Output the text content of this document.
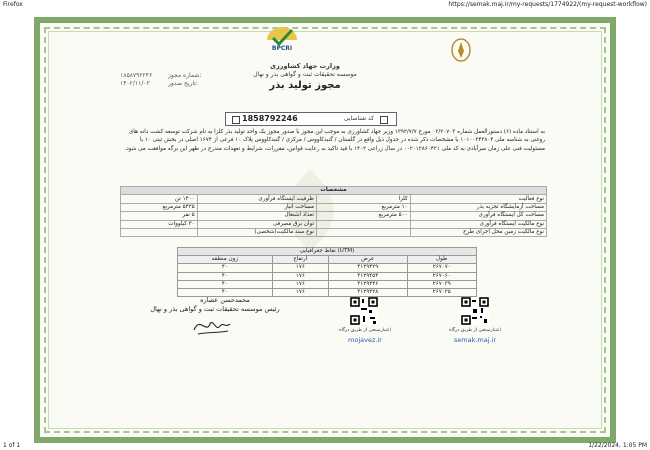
Firefox	https://semak.maj.ir/my-requests/1774922/(my-request-workflow)
BPCRI
وزارت جهاد کشاورزی
موسسه تحقیقات ثبت و گواهی بذر و نهال
مجوز تولید بذر
۱۸۵۸۷۹۲۲۴۶	شماره مجوز:
۱۴۰۲/۱۱/۰۲	تاریخ صدور:
1858792246	کد شناسایی
به استناد ماده (۶) دستورالعمل شماره ۰۲/۲۰۷۰۳ مورخ ۱۳۹۲/۷/۷ وزیر جهاد کشاورزی به موجب این مجوز با صدور مجوز یک واحد تولید بذر کلزا به نام شرکت توسعه کشت دانه های روغنی به شناسه ملی ۱۰۱۰۰۲۴۳۸۰۴ با مشخصات ذکر شده در جدول ذیل واقع در گلستان / گنبدکاووس / مرکزی / گنبدکاووس پلاک ۱۰ فرعی از ۱۶۷۴ اصلی در بخش ثبتی ۱۰ با مسئولیت فنی علی زمان میرآبادی به کد ملی ۰۰۲۰۱۲۸۶۰۴۲۱ در سال زراعی ۱۴۰۲ با قید تاکید به رعایت قوانین، مقررات، شرایط و تعهدات مندرج در ظهر این برگه موافقت می شود.
مشخصات			
۱۴۰۰ تن	ظرفیت ایستگاه فرآوری	کلزا	نوع فعالیت
۵۴۲۵ مترمربع	مساحت انبار	۱۰ مترمربع	مساحت آزمایشگاه تجزیه بذر
۵ نفر	تعداد اشتغال	۵۰۰ مترمربع	مساحت کل ایستگاه فرآوری
۳۰ کیلووات	توان برق مصرفی		نوع مالکیت ایستگاه فرآوری
	نوع سند مالکیت(شخصی)		نوع مالکیت زمین محل اجرای طرح
نقاط جغرافیایی (UTM)			
زون منطقه	ارتفاع	عرض	طول
۴۰	۱۷۶	۴۱۲۹۴۲۹	۲۶۷۰۷۰
۴۰	۱۷۶	۴۱۲۹۴۵۴	۲۶۷۰۶۰
۴۰	۱۷۶	۴۱۲۹۴۴۶	۲۶۷۰۳۹
۴۰	۱۷۶	۴۱۲۹۴۲۸	۲۶۷۰۲۵
محمدحسن عصاره
رئیس موسسه تحقیقات ثبت و گواهی بذر و نهال
اعتبارسنجی از طریق درگاه
mojavez.ir
اعتبارسنجی از طریق درگاه
semak.maj.ir
1 of 1	1/22/2024, 1:05 PM
